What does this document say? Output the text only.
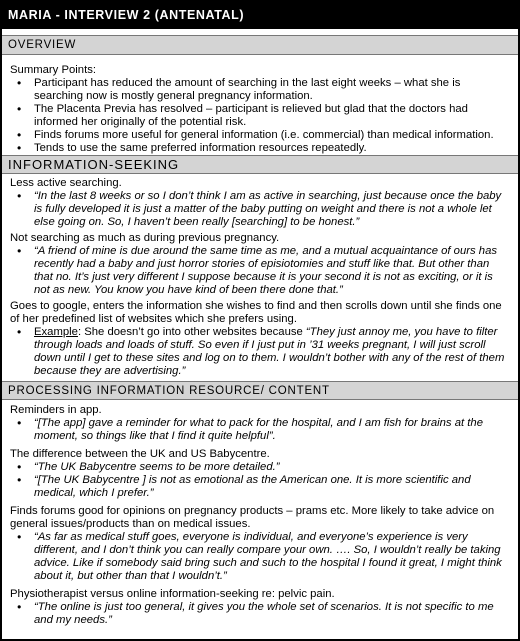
MARIA - INTERVIEW 2 (ANTENATAL)
OVERVIEW
Summary Points:
• Participant has reduced the amount of searching in the last eight weeks – what she is searching now is mostly general pregnancy information.
• The Placenta Previa has resolved – participant is relieved but glad that the doctors had informed her originally of the potential risk.
• Finds forums more useful for general information (i.e. commercial) than medical information.
• Tends to use the same preferred information resources repeatedly.
INFORMATION-SEEKING
Less active searching.
• “In the last 8 weeks or so I don’t think I am as active in searching, just because once the baby is fully developed it is just a matter of the baby putting on weight and there is not a whole let else going on. So, I haven’t been really [searching] to be honest.”
Not searching as much as during previous pregnancy.
• “A friend of mine is due around the same time as me, and a mutual acquaintance of ours has recently had a baby and just horror stories of episiotomies and stuff like that. But other than that no. It’s just very different I suppose because it is your second it is not as exciting, or it is not as new. You know you have kind of been there done that.”
Goes to google, enters the information she wishes to find and then scrolls down until she finds one of her predefined list of websites which she prefers using.
• Example: She doesn’t go into other websites because “They just annoy me, you have to filter through loads and loads of stuff. So even if I just put in ’31 weeks pregnant, I will just scroll down until I get to these sites and log on to them. I wouldn’t bother with any of the rest of them because they are advertising.”
PROCESSING INFORMATION RESOURCE/ CONTENT
Reminders in app.
• “[The app] gave a reminder for what to pack for the hospital, and I am fish for brains at the moment, so things like that I find it quite helpful”.
The difference between the UK and US Babycentre.
• “The UK Babycentre seems to be more detailed.”
• “[The UK Babycentre ] is not as emotional as the American one. It is more scientific and medical, which I prefer.”
Finds forums good for opinions on pregnancy products – prams etc. More likely to take advice on general issues/products than on medical issues.
• “As far as medical stuff goes, everyone is individual, and everyone’s experience is very different, and I don’t think you can really compare your own. …. So, I wouldn’t really be taking advice. Like if somebody said bring such and such to the hospital I found it great, I might think about it, but other than that I wouldn’t.”
Physiotherapist versus online information-seeking re: pelvic pain.
• “The online is just too general, it gives you the whole set of scenarios. It is not specific to me and my needs.”
